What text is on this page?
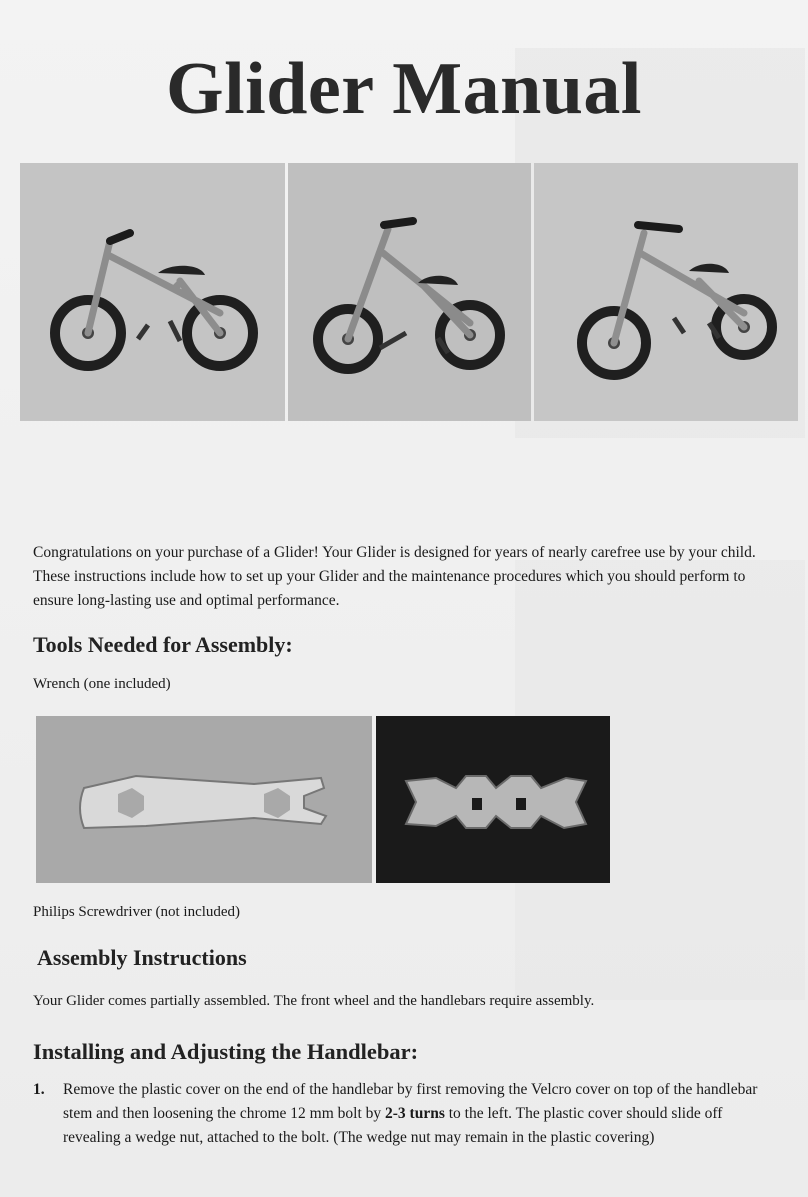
Glider Manual

Congratulations on your purchase of a Glider! Your Glider is designed for years of nearly carefree use by your child. These instructions include how to set up your Glider and the maintenance procedures which you should perform to ensure long-lasting use and optimal performance.

Tools Needed for Assembly:
Wrench (one included)
Philips Screwdriver (not included)
Assembly Instructions

Your Glider comes partially assembled. The front wheel and the handlebars require assembly.

Installing and Adjusting the Handlebar:
1. Remove the plastic cover on the end of the handlebar by first removing the Velcro cover on top of the handlebar stem and then loosening the chrome 12 mm bolt by 2-3 turns to the left. The plastic cover should slide off revealing a wedge nut, attached to the bolt. (The wedge nut may remain in the plastic covering)
